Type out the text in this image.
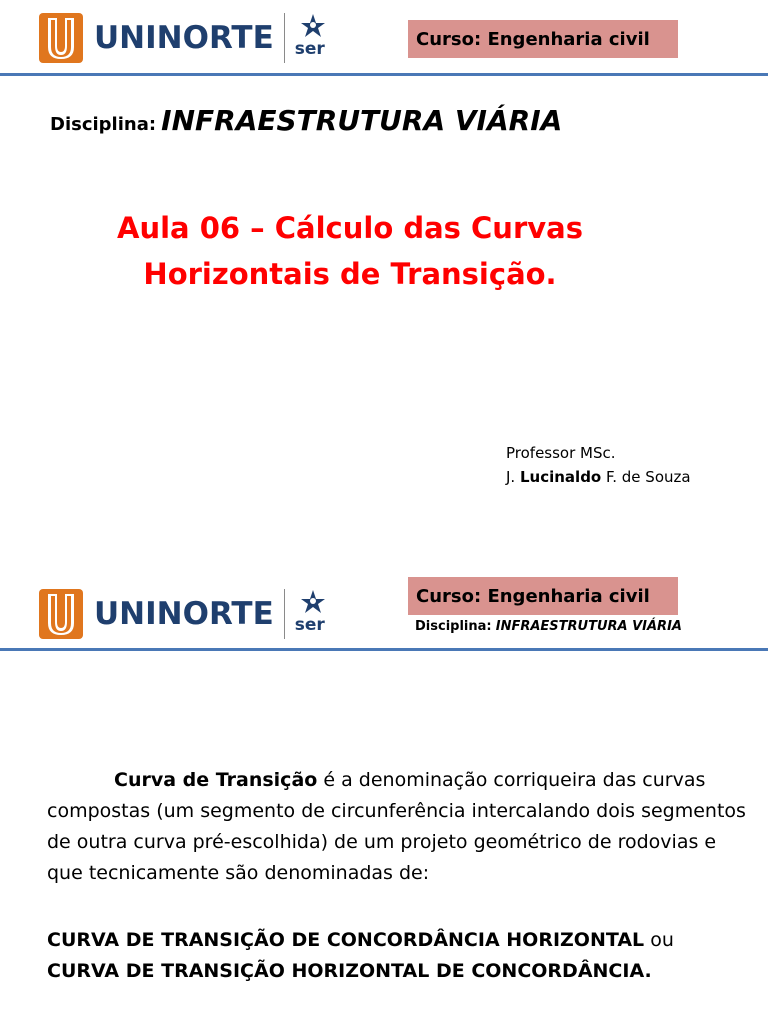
UNINORTE ser	Curso: Engenharia civil
Disciplina: INFRAESTRUTURA VIÁRIA
Aula 06 – Cálculo das Curvas
Horizontais de Transição.
Professor MSc.
J. Lucinaldo F. de Souza
UNINORTE ser
Curso: Engenharia civil
Disciplina: INFRAESTRUTURA VIÁRIA
Curva de Transição é a denominação corriqueira das curvas compostas (um segmento de circunferência intercalando dois segmentos de outra curva pré-escolhida) de um projeto geométrico de rodovias e que tecnicamente são denominadas de:
CURVA DE TRANSIÇÃO DE CONCORDÂNCIA HORIZONTAL ou CURVA DE TRANSIÇÃO HORIZONTAL DE CONCORDÂNCIA.
